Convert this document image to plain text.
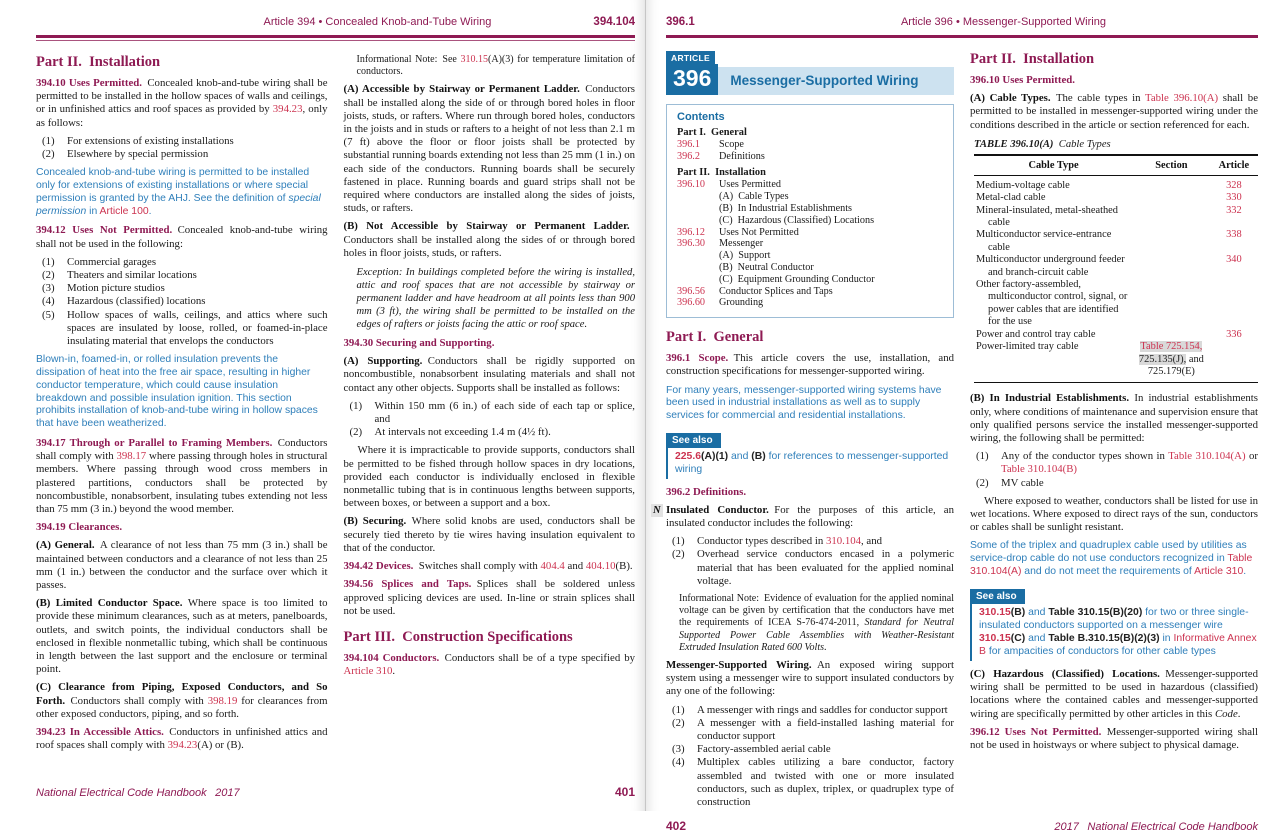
Article 394 • Concealed Knob-and-Tube Wiring	394.104
Part II. Installation
394.10 Uses Permitted. Concealed knob-and-tube wiring shall be permitted to be installed in the hollow spaces of walls and ceilings, or in unfinished attics and roof spaces as provided by 394.23, only as follows:
(1)	For extensions of existing installations
(2)	Elsewhere by special permission
Concealed knob-and-tube wiring is permitted to be installed only for extensions of existing installations or where special permission is granted by the AHJ. See the definition of special permission in Article 100.
394.12 Uses Not Permitted. Concealed knob-and-tube wiring shall not be used in the following:
(1)	Commercial garages
(2)	Theaters and similar locations
(3)	Motion picture studios
(4)	Hazardous (classified) locations
(5)	Hollow spaces of walls, ceilings, and attics where such spaces are insulated by loose, rolled, or foamed-in-place insulating material that envelops the conductors
Blown-in, foamed-in, or rolled insulation prevents the dissipation of heat into the free air space, resulting in higher conductor temperature, which could cause insulation breakdown and possible insulation ignition. This section prohibits installation of knob-and-tube wiring in hollow spaces that have been weatherized.
394.17 Through or Parallel to Framing Members. Conductors shall comply with 398.17 where passing through holes in structural members. Where passing through wood cross members in plastered partitions, conductors shall be protected by noncombustible, nonabsorbent, insulating tubes extending not less than 75 mm (3 in.) beyond the wood member.
394.19 Clearances.
(A) General. A clearance of not less than 75 mm (3 in.) shall be maintained between conductors and a clearance of not less than 25 mm (1 in.) between the conductor and the surface over which it passes.
(B) Limited Conductor Space. Where space is too limited to provide these minimum clearances, such as at meters, panelboards, outlets, and switch points, the individual conductors shall be enclosed in flexible nonmetallic tubing, which shall be continuous in length between the last support and the enclosure or terminal point.
(C) Clearance from Piping, Exposed Conductors, and So Forth. Conductors shall comply with 398.19 for clearances from other exposed conductors, piping, and so forth.
394.23 In Accessible Attics. Conductors in unfinished attics and roof spaces shall comply with 394.23(A) or (B).
Informational Note: See 310.15(A)(3) for temperature limitation of conductors.
(A) Accessible by Stairway or Permanent Ladder. Conductors shall be installed along the side of or through bored holes in floor joists, studs, or rafters. Where run through bored holes, conductors in the joists and in studs or rafters to a height of not less than 2.1 m (7 ft) above the floor or floor joists shall be protected by substantial running boards extending not less than 25 mm (1 in.) on each side of the conductors. Running boards shall be securely fastened in place. Running boards and guard strips shall not be required where conductors are installed along the sides of joists, studs, or rafters.
(B) Not Accessible by Stairway or Permanent Ladder. Conductors shall be installed along the sides of or through bored holes in floor joists, studs, or rafters.
Exception: In buildings completed before the wiring is installed, attic and roof spaces that are not accessible by stairway or permanent ladder and have headroom at all points less than 900 mm (3 ft), the wiring shall be permitted to be installed on the edges of rafters or joists facing the attic or roof space.
394.30 Securing and Supporting.
(A) Supporting. Conductors shall be rigidly supported on noncombustible, nonabsorbent insulating materials and shall not contact any other objects. Supports shall be installed as follows:
(1)	Within 150 mm (6 in.) of each side of each tap or splice, and
(2)	At intervals not exceeding 1.4 m (4½ ft).
Where it is impracticable to provide supports, conductors shall be permitted to be fished through hollow spaces in dry locations, provided each conductor is individually enclosed in flexible nonmetallic tubing that is in continuous lengths between supports, between boxes, or between a support and a box.
(B) Securing. Where solid knobs are used, conductors shall be securely tied thereto by tie wires having insulation equivalent to that of the conductor.
394.42 Devices. Switches shall comply with 404.4 and 404.10(B).
394.56 Splices and Taps. Splices shall be soldered unless approved splicing devices are used. In-line or strain splices shall not be used.
Part III. Construction Specifications
394.104 Conductors. Conductors shall be of a type specified by Article 310.
National Electrical Code Handbook  2017	401
396.1	Article 396 • Messenger-Supported Wiring
ARTICLE
396	Messenger-Supported Wiring
Contents
Part I. General
396.1	Scope
396.2	Definitions
Part II. Installation
396.10	Uses Permitted
(A) Cable Types
(B) In Industrial Establishments
(C) Hazardous (Classified) Locations
396.12	Uses Not Permitted
396.30	Messenger
(A) Support
(B) Neutral Conductor
(C) Equipment Grounding Conductor
396.56	Conductor Splices and Taps
396.60	Grounding
Part I. General
396.1 Scope. This article covers the use, installation, and construction specifications for messenger-supported wiring.
For many years, messenger-supported wiring systems have been used in industrial installations as well as to supply services for commercial and residential installations.
See also
225.6(A)(1) and (B) for references to messenger-supported wiring
396.2 Definitions.
N Insulated Conductor. For the purposes of this article, an insulated conductor includes the following:
(1)	Conductor types described in 310.104, and
(2)	Overhead service conductors encased in a polymeric material that has been evaluated for the applied nominal voltage.
Informational Note: Evidence of evaluation for the applied nominal voltage can be given by certification that the conductors have met the requirements of ICEA S-76-474-2011, Standard for Neutral Supported Power Cable Assemblies with Weather-Resistant Extruded Insulation Rated 600 Volts.
Messenger-Supported Wiring. An exposed wiring support system using a messenger wire to support insulated conductors by any one of the following:
(1)	A messenger with rings and saddles for conductor support
(2)	A messenger with a field-installed lashing material for conductor support
(3)	Factory-assembled aerial cable
(4)	Multiplex cables utilizing a bare conductor, factory assembled and twisted with one or more insulated conductors, such as duplex, triplex, or quadruplex type of construction
Part II. Installation
396.10 Uses Permitted.
(A) Cable Types. The cable types in Table 396.10(A) shall be permitted to be installed in messenger-supported wiring under the conditions described in the article or section referenced for each.
TABLE 396.10(A) Cable Types
Cable Type	Section	Article

Medium-voltage cable		328

Metal-clad cable		330

Mineral-insulated, metal-sheathed cable		332

Multiconductor service-entrance cable		338

Multiconductor underground feeder and branch-circuit cable		340

Other factory-assembled, multiconductor control, signal, or power cables that are identified for the use		

Power and control tray cable		336

Power-limited tray cable	Table 725.154, 725.135(J), and 725.179(E)	
(B) In Industrial Establishments. In industrial establishments only, where conditions of maintenance and supervision ensure that only qualified persons service the installed messenger-supported wiring, the following shall be permitted:
(1)	Any of the conductor types shown in Table 310.104(A) or Table 310.104(B)
(2)	MV cable
Where exposed to weather, conductors shall be listed for use in wet locations. Where exposed to direct rays of the sun, conductors or cables shall be sunlight resistant.
Some of the triplex and quadruplex cable used by utilities as service-drop cable do not use conductors recognized in Table 310.104(A) and do not meet the requirements of Article 310.
See also
310.15(B) and Table 310.15(B)(20) for two or three single-insulated conductors supported on a messenger wire
310.15(C) and Table B.310.15(B)(2)(3) in Informative Annex B for ampacities of conductors for other cable types
(C) Hazardous (Classified) Locations. Messenger-supported wiring shall be permitted to be used in hazardous (classified) locations where the contained cables and messenger-supported wiring are specifically permitted by other articles in this Code.
396.12 Uses Not Permitted. Messenger-supported wiring shall not be used in hoistways or where subject to physical damage.
402	2017  National Electrical Code Handbook
